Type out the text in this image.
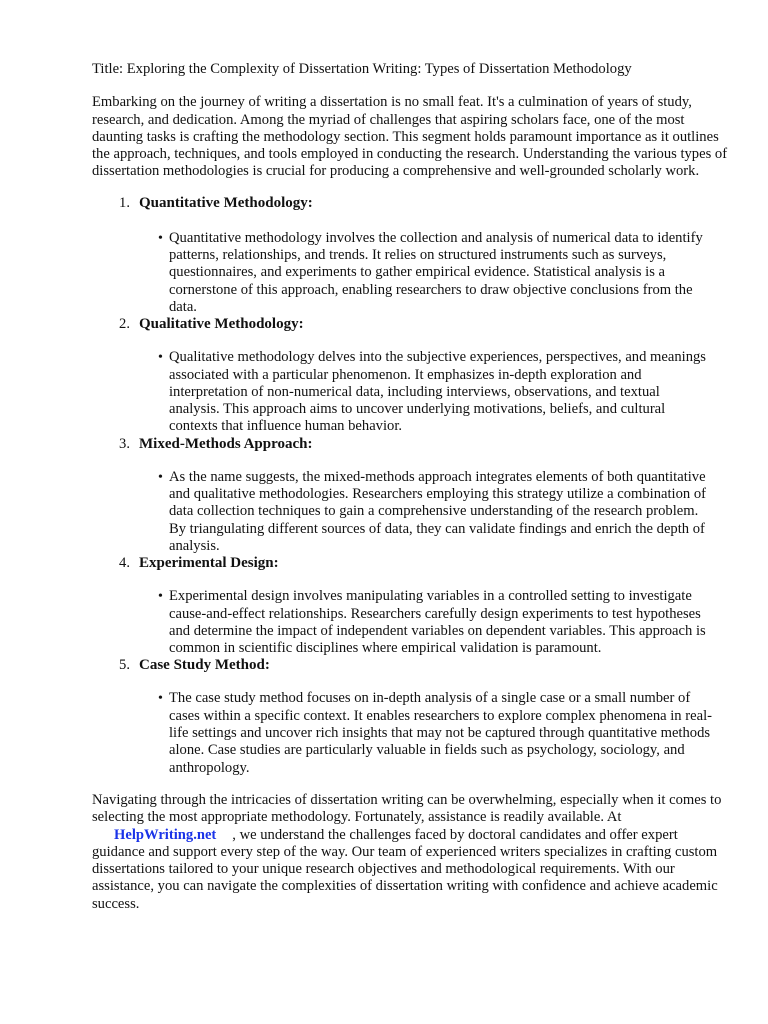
Title: Exploring the Complexity of Dissertation Writing: Types of Dissertation Methodology

Embarking on the journey of writing a dissertation is no small feat. It's a culmination of years of study, research, and dedication. Among the myriad of challenges that aspiring scholars face, one of the most daunting tasks is crafting the methodology section. This segment holds paramount importance as it outlines the approach, techniques, and tools employed in conducting the research. Understanding the various types of dissertation methodologies is crucial for producing a comprehensive and well-grounded scholarly work.

1. Quantitative Methodology:
• Quantitative methodology involves the collection and analysis of numerical data to identify patterns, relationships, and trends. It relies on structured instruments such as surveys, questionnaires, and experiments to gather empirical evidence. Statistical analysis is a cornerstone of this approach, enabling researchers to draw objective conclusions from the data.

2. Qualitative Methodology:
• Qualitative methodology delves into the subjective experiences, perspectives, and meanings associated with a particular phenomenon. It emphasizes in-depth exploration and interpretation of non-numerical data, including interviews, observations, and textual analysis. This approach aims to uncover underlying motivations, beliefs, and cultural contexts that influence human behavior.

3. Mixed-Methods Approach:
• As the name suggests, the mixed-methods approach integrates elements of both quantitative and qualitative methodologies. Researchers employing this strategy utilize a combination of data collection techniques to gain a comprehensive understanding of the research problem. By triangulating different sources of data, they can validate findings and enrich the depth of analysis.

4. Experimental Design:
• Experimental design involves manipulating variables in a controlled setting to investigate cause-and-effect relationships. Researchers carefully design experiments to test hypotheses and determine the impact of independent variables on dependent variables. This approach is common in scientific disciplines where empirical validation is paramount.

5. Case Study Method:
• The case study method focuses on in-depth analysis of a single case or a small number of cases within a specific context. It enables researchers to explore complex phenomena in real-life settings and uncover rich insights that may not be captured through quantitative methods alone. Case studies are particularly valuable in fields such as psychology, sociology, and anthropology.

Navigating through the intricacies of dissertation writing can be overwhelming, especially when it comes to selecting the most appropriate methodology. Fortunately, assistance is readily available. At
HelpWriting.net , we understand the challenges faced by doctoral candidates and offer expert guidance and support every step of the way. Our team of experienced writers specializes in crafting custom dissertations tailored to your unique research objectives and methodological requirements. With our assistance, you can navigate the complexities of dissertation writing with confidence and achieve academic success.
